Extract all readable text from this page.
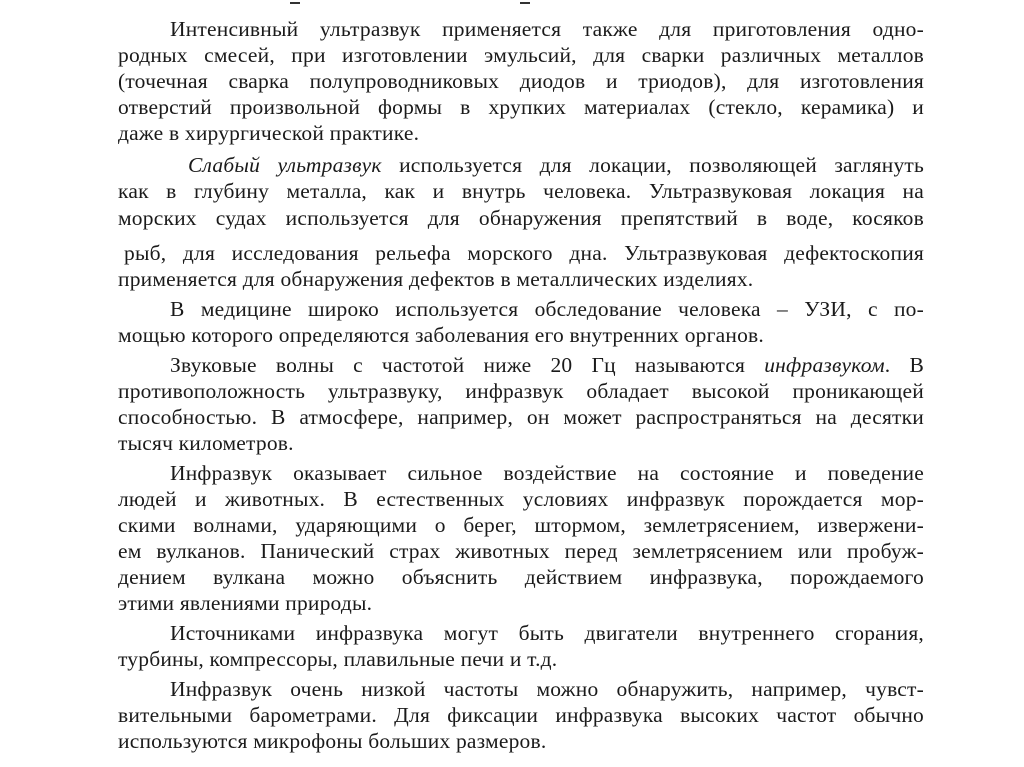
Интенсивный ультразвук применяется также для приготовления одно-
родных смесей, при изготовлении эмульсий, для сварки различных металлов
(точечная сварка полупроводниковых диодов и триодов), для изготовления
отверстий произвольной формы в хрупких материалах (стекло, керамика) и
даже в хирургической практике.
Слабый ультразвук используется для локации, позволяющей заглянуть
как в глубину металла, как и внутрь человека. Ультразвуковая локация на
морских судах используется для обнаружения препятствий в воде, косяков
рыб, для исследования рельефа морского дна. Ультразвуковая дефектоскопия
применяется для обнаружения дефектов в металлических изделиях.
В медицине широко используется обследование человека – УЗИ, с по-
мощью которого определяются заболевания его внутренних органов.
Звуковые волны с частотой ниже 20 Гц называются инфразвуком. В
противоположность ультразвуку, инфразвук обладает высокой проникающей
способностью. В атмосфере, например, он может распространяться на десятки
тысяч километров.
Инфразвук оказывает сильное воздействие на состояние и поведение
людей и животных. В естественных условиях инфразвук порождается мор-
скими волнами, ударяющими о берег, штормом, землетрясением, извержени-
ем вулканов. Панический страх животных перед землетрясением или пробуж-
дением вулкана можно объяснить действием инфразвука, порождаемого
этими явлениями природы.
Источниками инфразвука могут быть двигатели внутреннего сгорания,
турбины, компрессоры, плавильные печи и т.д.
Инфразвук очень низкой частоты можно обнаружить, например, чувст-
вительными барометрами. Для фиксации инфразвука высоких частот обычно
используются микрофоны больших размеров.
